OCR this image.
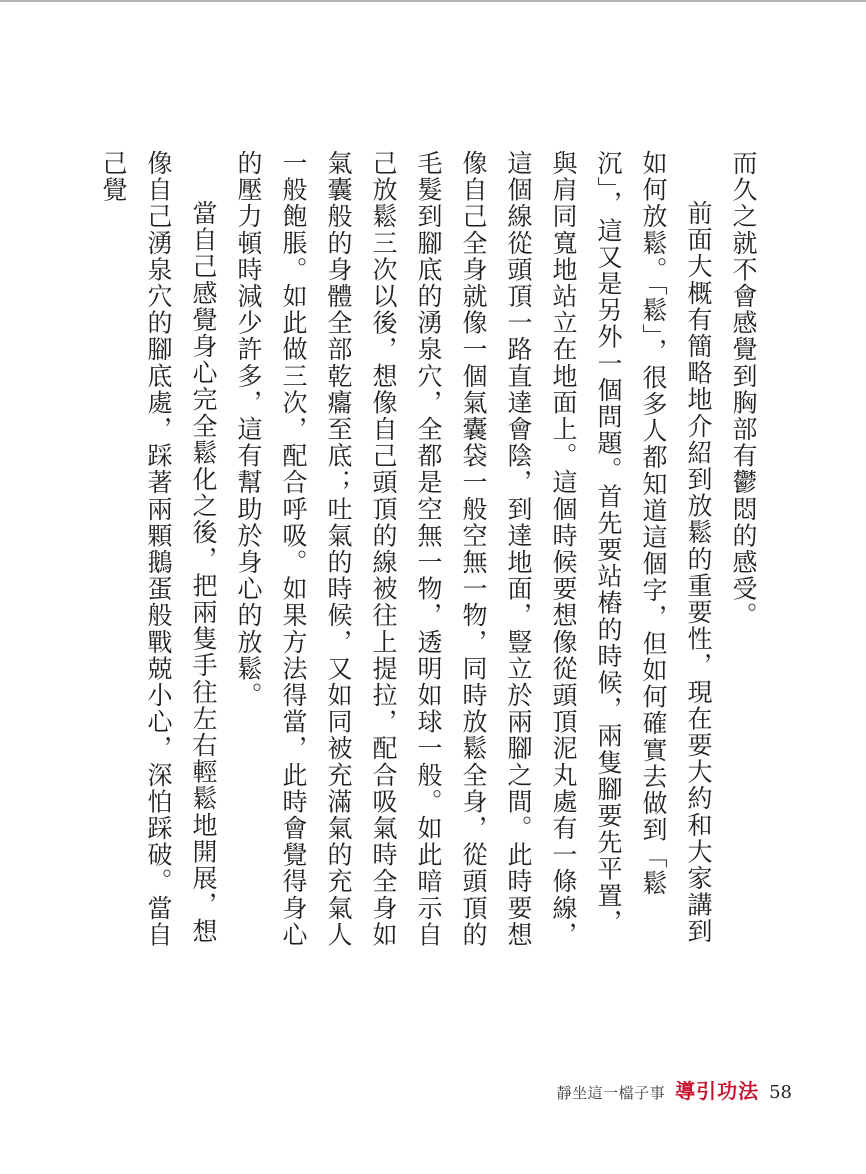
而久之就不會感覺到胸部有鬱悶的感受。

前面大概有簡略地介紹到放鬆的重要性，現在要大約和大家講到如何放鬆。「鬆」，很多人都知道這個字，但如何確實去做到「鬆沉」，這又是另外一個問題。首先要站樁的時候，兩隻腳要先平置，與肩同寬地站立在地面上。這個時候要想像從頭頂泥丸處有一條線，這個線從頭頂一路直達會陰，到達地面，豎立於兩腳之間。此時要想像自己全身就像一個氣囊袋一般空無一物，同時放鬆全身，從頭頂的毛髮到腳底的湧泉穴，全都是空無一物，透明如球一般。如此暗示自己放鬆三次以後，想像自己頭頂的線被往上提拉，配合吸氣時全身如氣囊般的身體全部乾癟至底；吐氣的時候，又如同被充滿氣的充氣人一般飽脹。如此做三次，配合呼吸。如果方法得當，此時會覺得身心的壓力頓時減少許多，這有幫助於身心的放鬆。

當自己感覺身心完全鬆化之後，把兩隻手往左右輕鬆地開展，想像自己湧泉穴的腳底處，踩著兩顆鵝蛋般戰兢小心，深怕踩破。當自己覺

靜坐這一檔子事 導引功法 58
